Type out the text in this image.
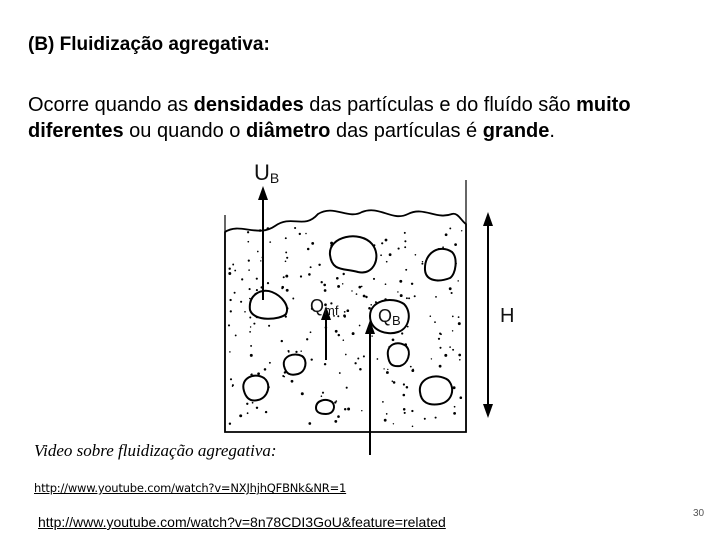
(B) Fluidização agregativa:
Ocorre quando as densidades das partículas e do fluído são muito diferentes ou quando o diâmetro das partículas é grande.
UB
Qmf QB	H
Video sobre fluidização agregativa:
http://www.youtube.com/watch?v=NXJhjhQFBNk&NR=1
http://www.youtube.com/watch?v=8n78CDI3GoU&feature=related
30
